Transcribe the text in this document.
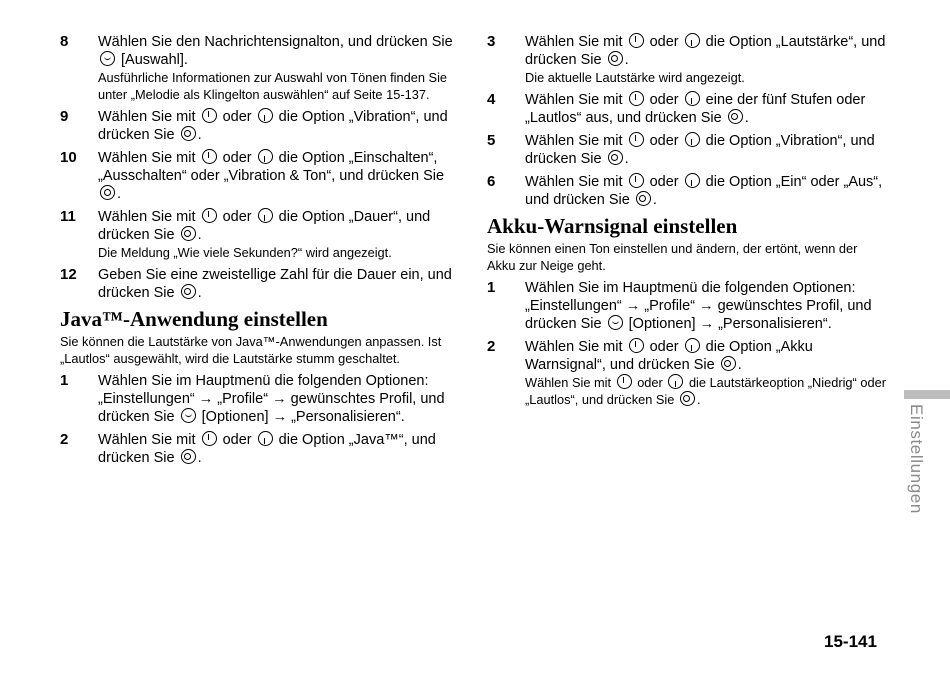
8 Wählen Sie den Nachrichtensignalton, und drücken Sie  [Auswahl].
Ausführliche Informationen zur Auswahl von Tönen finden Sie unter „Melodie als Klingelton auswählen“ auf Seite 15-137.
9 Wählen Sie mit oder die Option „Vibration“, und drücken Sie .
10 Wählen Sie mit oder die Option „Einschalten“, „Ausschalten“ oder „Vibration & Ton“, und drücken Sie .
11 Wählen Sie mit oder die Option „Dauer“, und drücken Sie .
Die Meldung „Wie viele Sekunden?“ wird angezeigt.
12 Geben Sie eine zweistellige Zahl für die Dauer ein, und drücken Sie .
Java™-Anwendung einstellen

Sie können die Lautstärke von Java™-Anwendungen anpassen. Ist „Lautlos“ ausgewählt, wird die Lautstärke stumm geschaltet.

1 Wählen Sie im Hauptmenü die folgenden Optionen: „Einstellungen“ → „Profile“ → gewünschtes Profil, und drücken Sie [Optionen] → „Personalisieren“.
2 Wählen Sie mit oder die Option „Java™“, und drücken Sie .
3 Wählen Sie mit oder die Option „Lautstärke“, und drücken Sie .
Die aktuelle Lautstärke wird angezeigt.
4 Wählen Sie mit oder eine der fünf Stufen oder „Lautlos“ aus, und drücken Sie .
5 Wählen Sie mit oder die Option „Vibration“, und drücken Sie .
6 Wählen Sie mit oder die Option „Ein“ oder „Aus“, und drücken Sie .
Akku-Warnsignal einstellen

Sie können einen Ton einstellen und ändern, der ertönt, wenn der Akku zur Neige geht.

1 Wählen Sie im Hauptmenü die folgenden Optionen: „Einstellungen“ → „Profile“ → gewünschtes Profil, und drücken Sie [Optionen] → „Personalisieren“.
2 Wählen Sie mit oder die Option „Akku Warnsignal“, und drücken Sie .
Wählen Sie mit oder die Lautstärkeoption „Niedrig“ oder „Lautlos“, und drücken Sie .
Einstellungen
15-141
